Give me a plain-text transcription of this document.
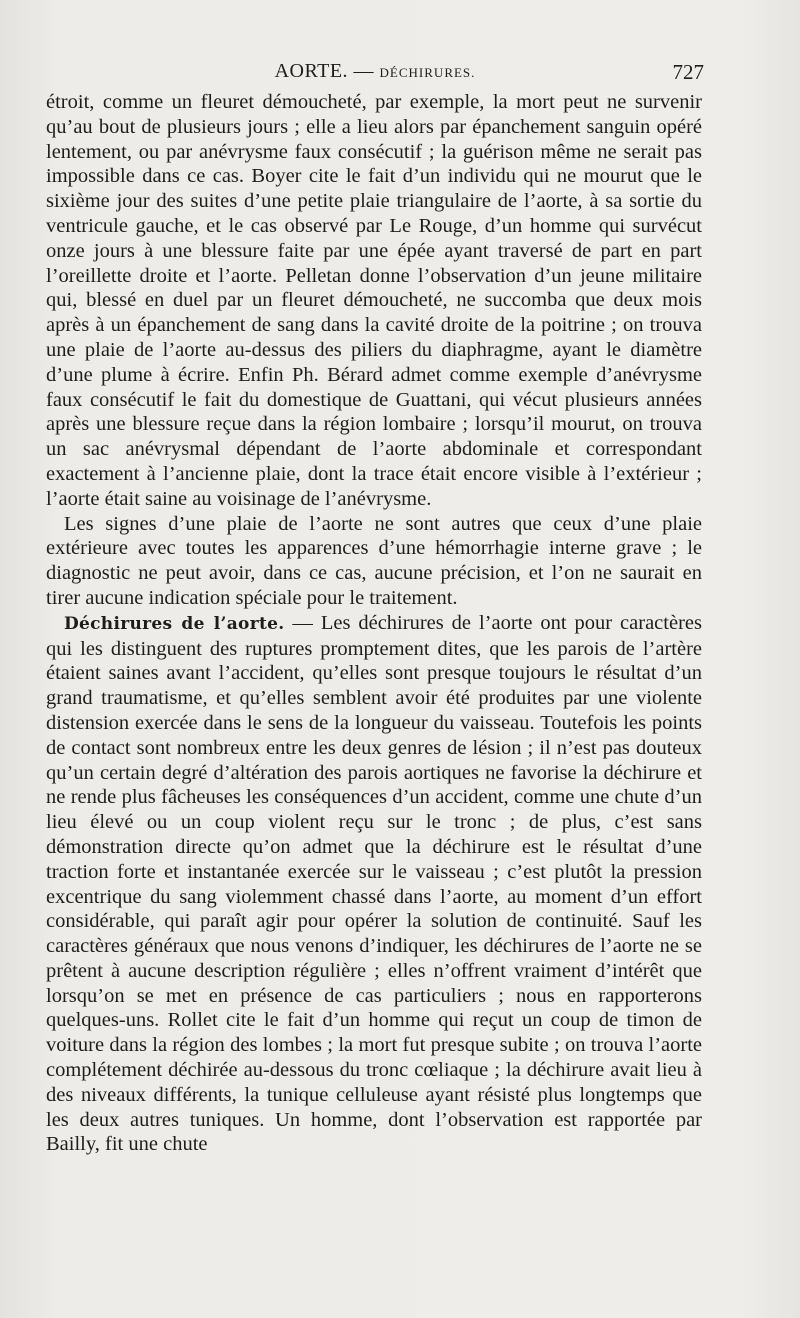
AORTE. — DÉCHIRURES.	727

étroit, comme un fleuret démoucheté, par exemple, la mort peut ne survenir qu’au bout de plusieurs jours ; elle a lieu alors par épanchement sanguin opéré lentement, ou par anévrysme faux consécutif ; la guérison même ne serait pas impossible dans ce cas. Boyer cite le fait d’un individu qui ne mourut que le sixième jour des suites d’une petite plaie triangulaire de l’aorte, à sa sortie du ventricule gauche, et le cas observé par Le Rouge, d’un homme qui survécut onze jours à une blessure faite par une épée ayant traversé de part en part l’oreillette droite et l’aorte. Pelletan donne l’observation d’un jeune militaire qui, blessé en duel par un fleuret démoucheté, ne succomba que deux mois après à un épanchement de sang dans la cavité droite de la poitrine ; on trouva une plaie de l’aorte au-dessus des piliers du diaphragme, ayant le diamètre d’une plume à écrire. Enfin Ph. Bérard admet comme exemple d’anévrysme faux consécutif le fait du domestique de Guattani, qui vécut plusieurs années après une blessure reçue dans la région lombaire ; lorsqu’il mourut, on trouva un sac anévrysmal dépendant de l’aorte abdominale et correspondant exactement à l’ancienne plaie, dont la trace était encore visible à l’extérieur ; l’aorte était saine au voisinage de l’anévrysme.

Les signes d’une plaie de l’aorte ne sont autres que ceux d’une plaie extérieure avec toutes les apparences d’une hémorrhagie interne grave ; le diagnostic ne peut avoir, dans ce cas, aucune précision, et l’on ne saurait en tirer aucune indication spéciale pour le traitement.

Déchirures de l’aorte. — Les déchirures de l’aorte ont pour caractères qui les distinguent des ruptures promptement dites, que les parois de l’artère étaient saines avant l’accident, qu’elles sont presque toujours le résultat d’un grand traumatisme, et qu’elles semblent avoir été produites par une violente distension exercée dans le sens de la longueur du vaisseau. Toutefois les points de contact sont nombreux entre les deux genres de lésion ; il n’est pas douteux qu’un certain degré d’altération des parois aortiques ne favorise la déchirure et ne rende plus fâcheuses les conséquences d’un accident, comme une chute d’un lieu élevé ou un coup violent reçu sur le tronc ; de plus, c’est sans démonstration directe qu’on admet que la déchirure est le résultat d’une traction forte et instantanée exercée sur le vaisseau ; c’est plutôt la pression excentrique du sang violemment chassé dans l’aorte, au moment d’un effort considérable, qui paraît agir pour opérer la solution de continuité. Sauf les caractères généraux que nous venons d’indiquer, les déchirures de l’aorte ne se prêtent à aucune description régulière ; elles n’offrent vraiment d’intérêt que lorsqu’on se met en présence de cas particuliers ; nous en rapporterons quelques-uns. Rollet cite le fait d’un homme qui reçut un coup de timon de voiture dans la région des lombes ; la mort fut presque subite ; on trouva l’aorte complétement déchirée au-dessous du tronc cœliaque ; la déchirure avait lieu à des niveaux différents, la tunique celluleuse ayant résisté plus longtemps que les deux autres tuniques. Un homme, dont l’observation est rapportée par Bailly, fit une chute
